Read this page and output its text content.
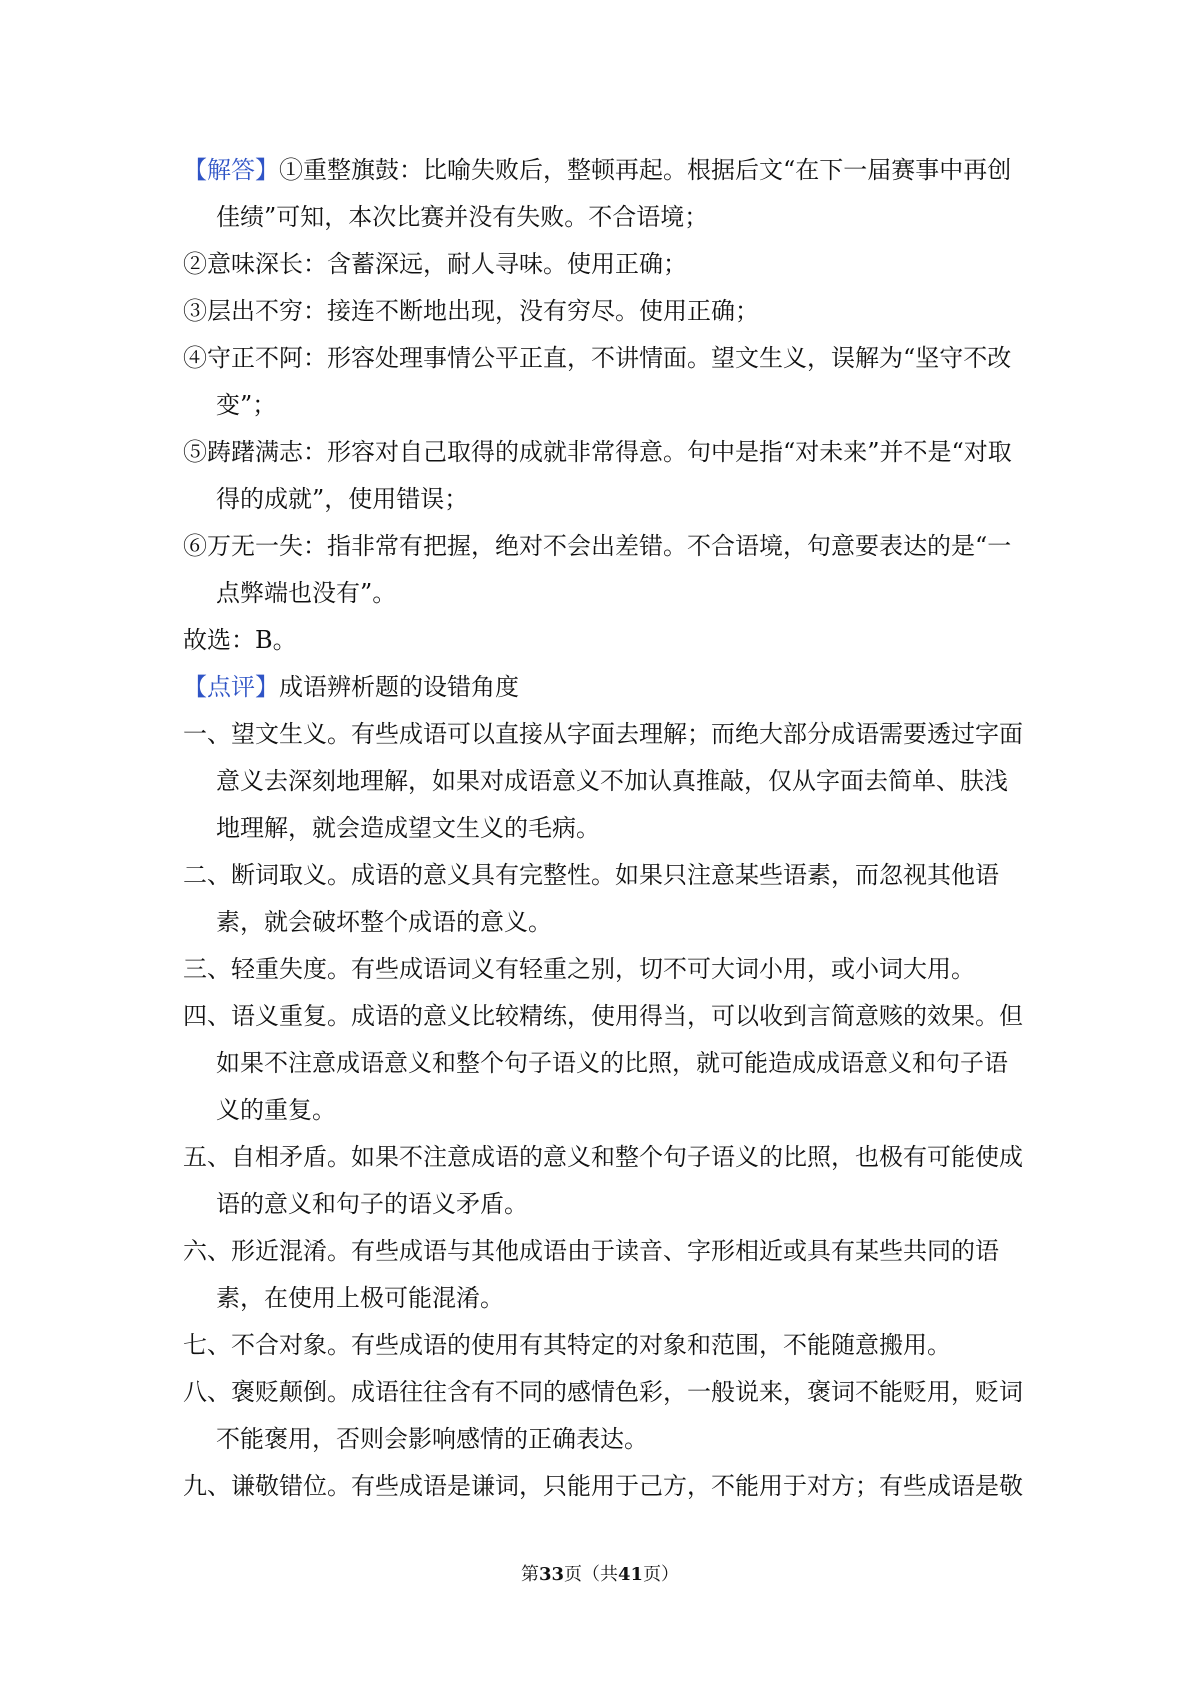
【解答】①重整旗鼓：比喻失败后，整顿再起。根据后文“在下一届赛事中再创佳绩”可知，本次比赛并没有失败。不合语境；

②意味深长：含蓄深远，耐人寻味。使用正确；

③层出不穷：接连不断地出现，没有穷尽。使用正确；

④守正不阿：形容处理事情公平正直，不讲情面。望文生义，误解为“坚守不改变”；

⑤踌躇满志：形容对自己取得的成就非常得意。句中是指“对未来”并不是“对取得的成就”，使用错误；

⑥万无一失：指非常有把握，绝对不会出差错。不合语境，句意要表达的是“一点弊端也没有”。

故选：B。

【点评】成语辨析题的设错角度

一、望文生义。有些成语可以直接从字面去理解；而绝大部分成语需要透过字面意义去深刻地理解，如果对成语意义不加认真推敲，仅从字面去简单、肤浅地理解，就会造成望文生义的毛病。

二、断词取义。成语的意义具有完整性。如果只注意某些语素，而忽视其他语素，就会破坏整个成语的意义。

三、轻重失度。有些成语词义有轻重之别，切不可大词小用，或小词大用。

四、语义重复。成语的意义比较精练，使用得当，可以收到言简意赅的效果。但如果不注意成语意义和整个句子语义的比照，就可能造成成语意义和句子语义的重复。

五、自相矛盾。如果不注意成语的意义和整个句子语义的比照，也极有可能使成语的意义和句子的语义矛盾。

六、形近混淆。有些成语与其他成语由于读音、字形相近或具有某些共同的语素，在使用上极可能混淆。

七、不合对象。有些成语的使用有其特定的对象和范围，不能随意搬用。

八、褒贬颠倒。成语往往含有不同的感情色彩，一般说来，褒词不能贬用，贬词不能褒用，否则会影响感情的正确表达。

九、谦敬错位。有些成语是谦词，只能用于己方，不能用于对方；有些成语是敬

第33页（共41页）
